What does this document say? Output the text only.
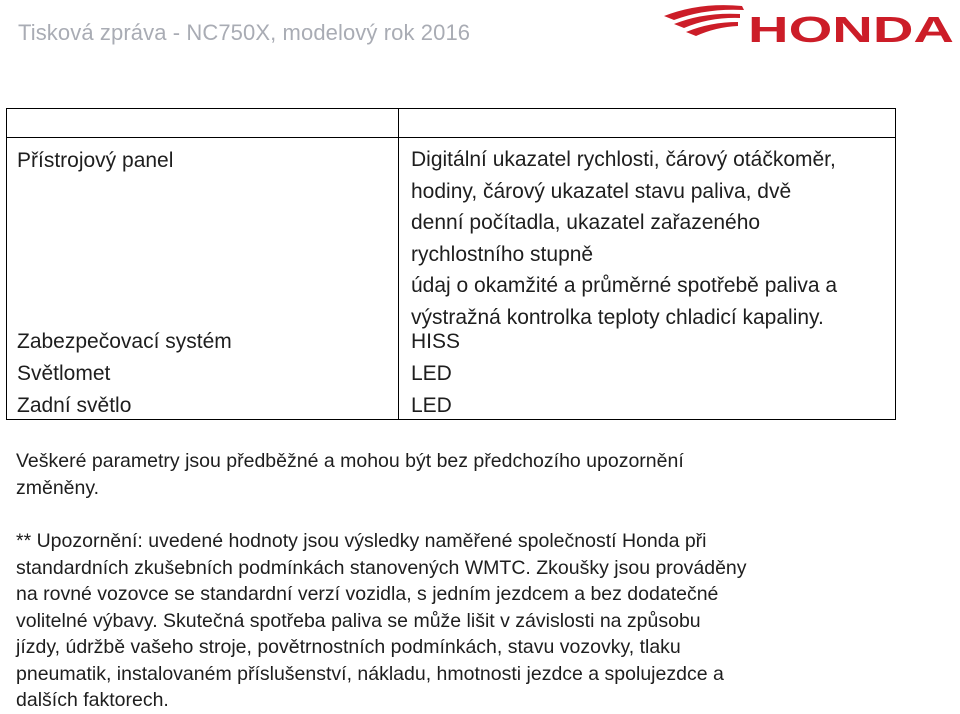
Tisková zpráva - NC750X, modelový rok 2016	HONDA
Přístrojový panel	Digitální ukazatel rychlosti, čárový otáčkoměr,
hodiny, čárový ukazatel stavu paliva, dvě
denní počítadla, ukazatel zařazeného
rychlostního stupně
údaj o okamžité a průměrné spotřebě paliva a
výstražná kontrolka teploty chladicí kapaliny.
Zabezpečovací systém	HISS
Světlomet	LED
Zadní světlo	LED
Veškeré parametry jsou předběžné a mohou být bez předchozího upozornění
změněny.
** Upozornění: uvedené hodnoty jsou výsledky naměřené společností Honda při
standardních zkušebních podmínkách stanovených WMTC. Zkoušky jsou prováděny
na rovné vozovce se standardní verzí vozidla, s jedním jezdcem a bez dodatečné
volitelné výbavy. Skutečná spotřeba paliva se může lišit v závislosti na způsobu
jízdy, údržbě vašeho stroje, povětrnostních podmínkách, stavu vozovky, tlaku
pneumatik, instalovaném příslušenství, nákladu, hmotnosti jezdce a spolujezdce a
dalších faktorech.
